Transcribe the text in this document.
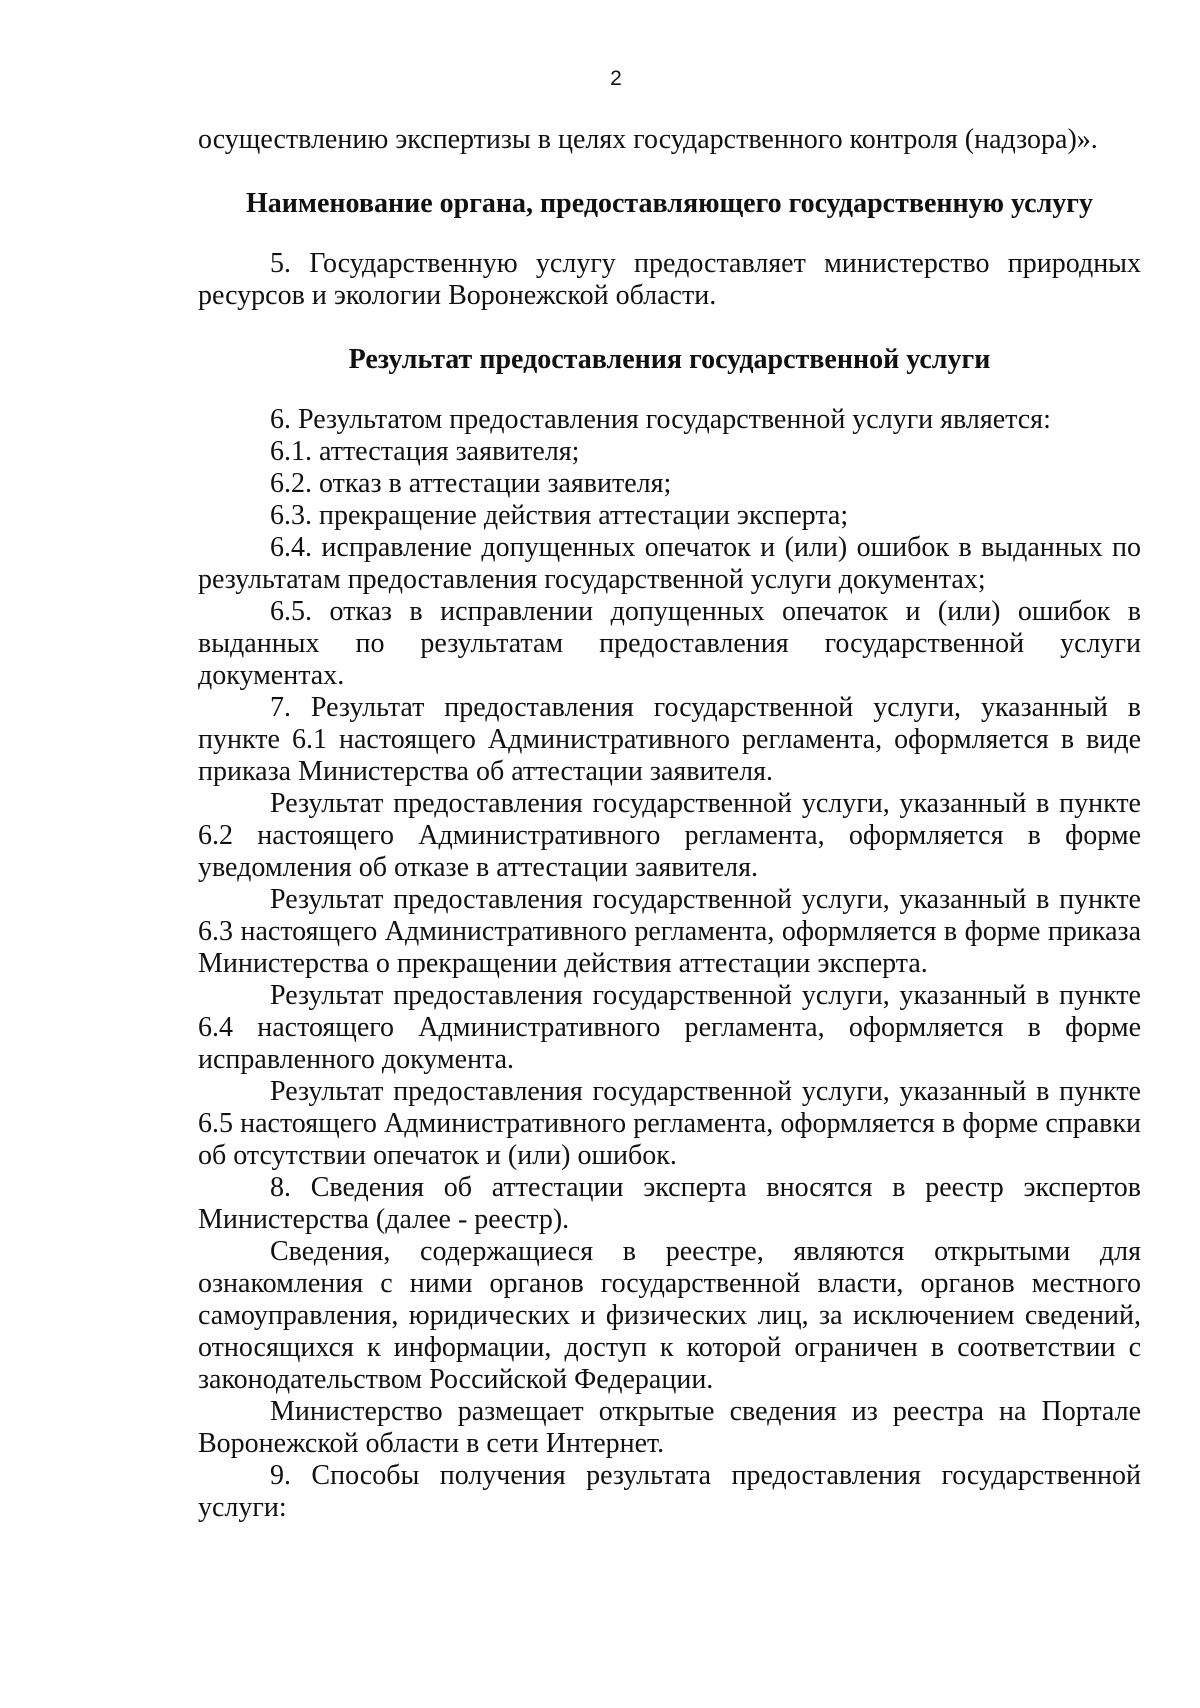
2

осуществлению экспертизы в целях государственного контроля (надзора)».

Наименование органа, предоставляющего государственную услугу

5. Государственную услугу предоставляет министерство природных ресурсов и экологии Воронежской области.

Результат предоставления государственной услуги

6. Результатом предоставления государственной услуги является:

6.1. аттестация заявителя;

6.2. отказ в аттестации заявителя;

6.3. прекращение действия аттестации эксперта;

6.4. исправление допущенных опечаток и (или) ошибок в выданных по результатам предоставления государственной услуги документах;

6.5. отказ в исправлении допущенных опечаток и (или) ошибок в выданных по результатам предоставления государственной услуги документах.

7. Результат предоставления государственной услуги, указанный в пункте 6.1 настоящего Административного регламента, оформляется в виде приказа Министерства об аттестации заявителя.

Результат предоставления государственной услуги, указанный в пункте 6.2 настоящего Административного регламента, оформляется в форме уведомления об отказе в аттестации заявителя.

Результат предоставления государственной услуги, указанный в пункте 6.3 настоящего Административного регламента, оформляется в форме приказа Министерства о прекращении действия аттестации эксперта.

Результат предоставления государственной услуги, указанный в пункте 6.4 настоящего Административного регламента, оформляется в форме исправленного документа.

Результат предоставления государственной услуги, указанный в пункте 6.5 настоящего Административного регламента, оформляется в форме справки об отсутствии опечаток и (или) ошибок.

8. Сведения об аттестации эксперта вносятся в реестр экспертов Министерства (далее - реестр).

Сведения, содержащиеся в реестре, являются открытыми для ознакомления с ними органов государственной власти, органов местного самоуправления, юридических и физических лиц, за исключением сведений, относящихся к информации, доступ к которой ограничен в соответствии с законодательством Российской Федерации.

Министерство размещает открытые сведения из реестра на Портале Воронежской области в сети Интернет.

9. Способы получения результата предоставления государственной услуги:
